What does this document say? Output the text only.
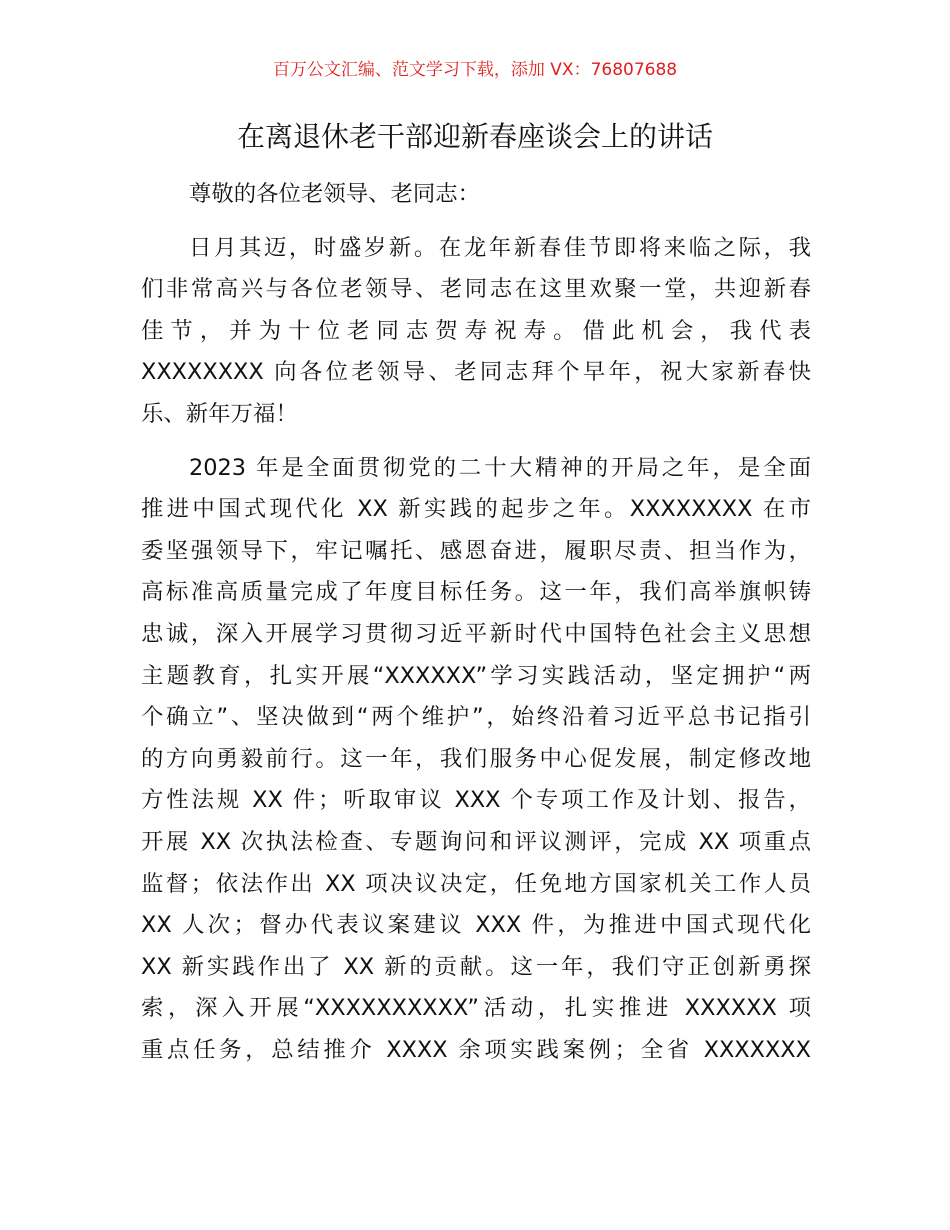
百万公文汇编、范文学习下载，添加 VX：76807688
在离退休老干部迎新春座谈会上的讲话
尊敬的各位老领导、老同志：
日月其迈，时盛岁新。在龙年新春佳节即将来临之际，我
们非常高兴与各位老领导、老同志在这里欢聚一堂，共迎新春
佳节，并为十位老同志贺寿祝寿。借此机会，我代表
XXXXXXXX 向各位老领导、老同志拜个早年，祝大家新春快
乐、新年万福！
2023 年是全面贯彻党的二十大精神的开局之年，是全面
推进中国式现代化 XX 新实践的起步之年。XXXXXXXX 在市
委坚强领导下，牢记嘱托、感恩奋进，履职尽责、担当作为，
高标准高质量完成了年度目标任务。这一年，我们高举旗帜铸
忠诚，深入开展学习贯彻习近平新时代中国特色社会主义思想
主题教育，扎实开展“XXXXXX”学习实践活动，坚定拥护“两
个确立”、坚决做到“两个维护”，始终沿着习近平总书记指引
的方向勇毅前行。这一年，我们服务中心促发展，制定修改地
方性法规 XX 件；听取审议 XXX 个专项工作及计划、报告，
开展 XX 次执法检查、专题询问和评议测评，完成 XX 项重点
监督；依法作出 XX 项决议决定，任免地方国家机关工作人员
XX 人次；督办代表议案建议 XXX 件，为推进中国式现代化
XX 新实践作出了 XX 新的贡献。这一年，我们守正创新勇探
索，深入开展“XXXXXXXXXX”活动，扎实推进 XXXXXX 项
重点任务，总结推介 XXXX 余项实践案例；全省 XXXXXXX
